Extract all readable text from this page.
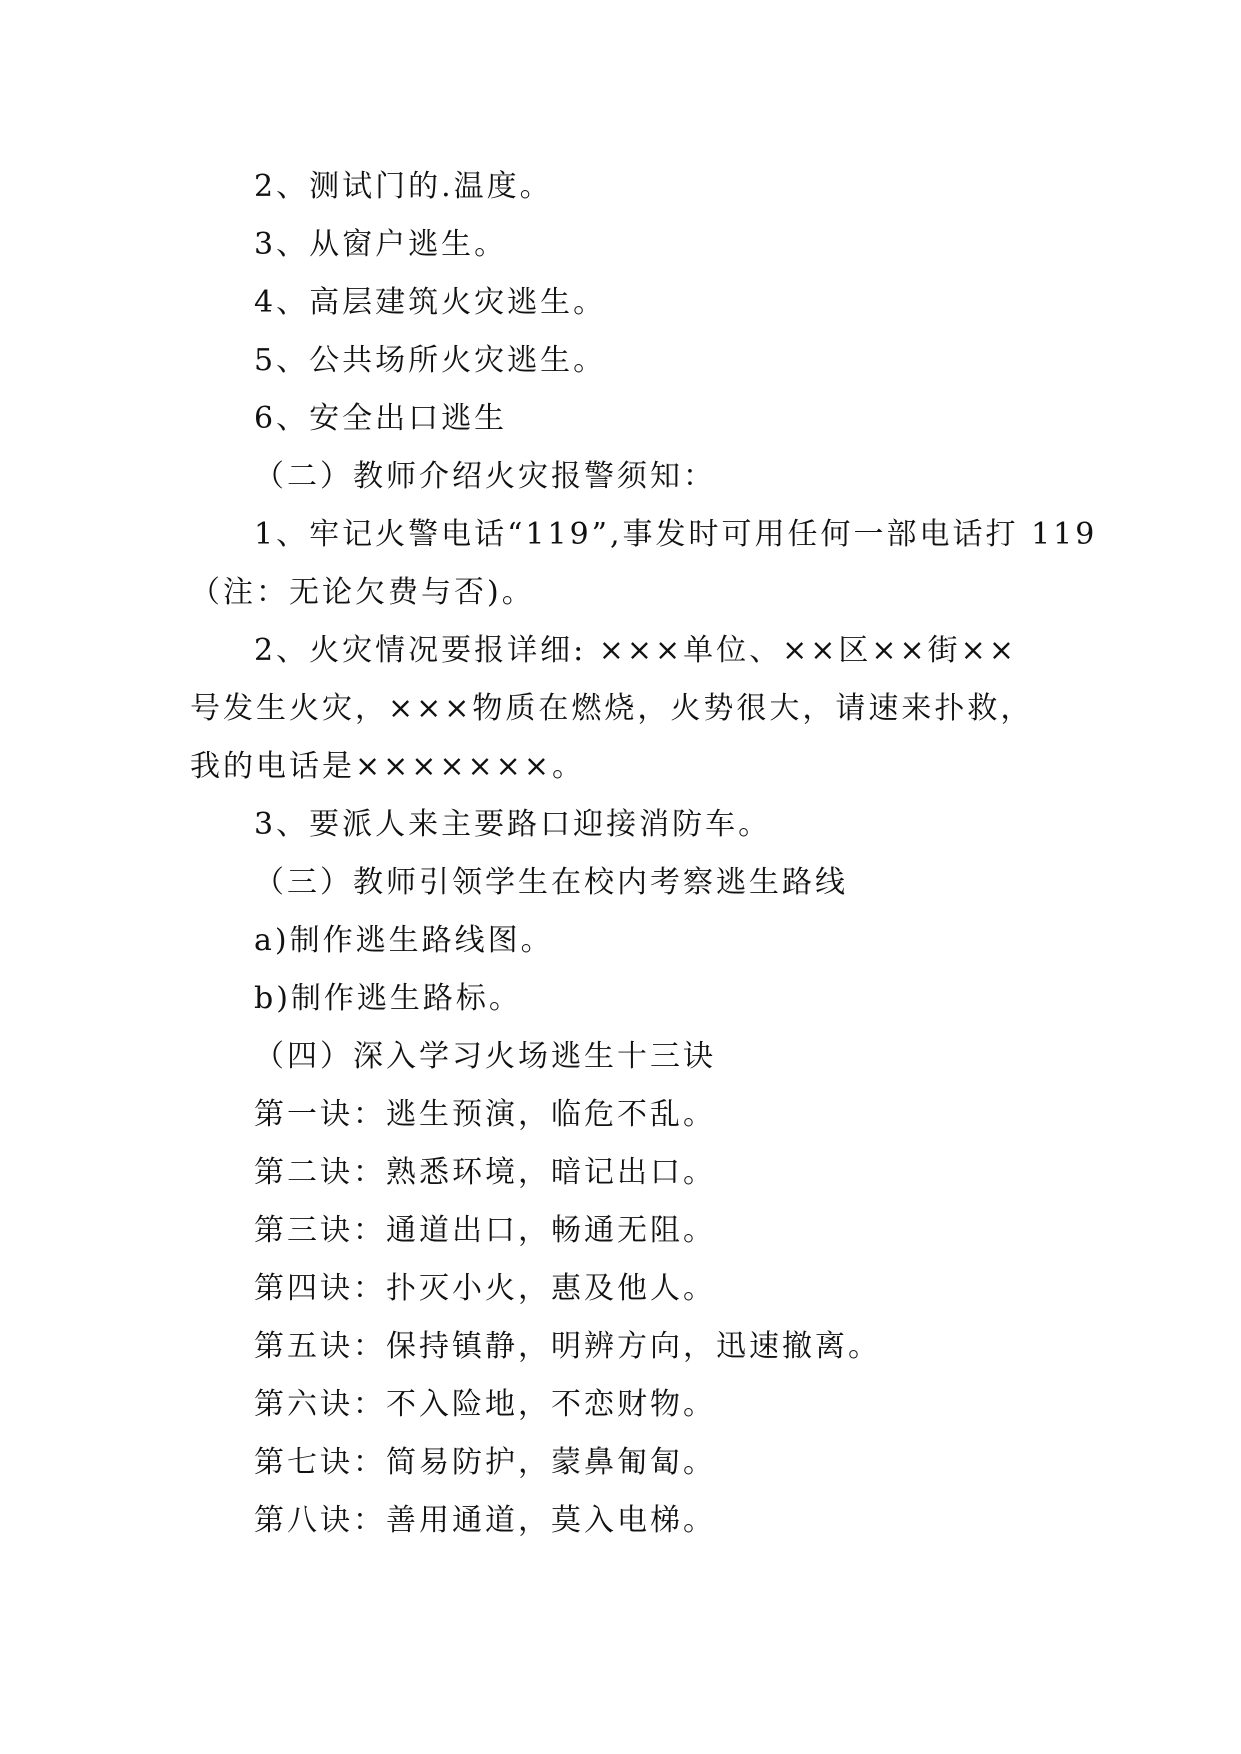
2、测试门的.温度。
3、从窗户逃生。
4、高层建筑火灾逃生。
5、公共场所火灾逃生。
6、安全出口逃生
（二）教师介绍火灾报警须知：
1、牢记火警电话“119”,事发时可用任何一部电话打 119
（注：无论欠费与否)。
2、火灾情况要报详细: ×××单位、××区××街××
号发生火灾，×××物质在燃烧，火势很大，请速来扑救，
我的电话是×××××××。
3、要派人来主要路口迎接消防车。
（三）教师引领学生在校内考察逃生路线
a)制作逃生路线图。
b)制作逃生路标。
（四）深入学习火场逃生十三诀
第一诀：逃生预演，临危不乱。
第二诀：熟悉环境，暗记出口。
第三诀：通道出口，畅通无阻。
第四诀：扑灭小火，惠及他人。
第五诀：保持镇静，明辨方向，迅速撤离。
第六诀：不入险地，不恋财物。
第七诀：简易防护，蒙鼻匍匐。
第八诀：善用通道，莫入电梯。
